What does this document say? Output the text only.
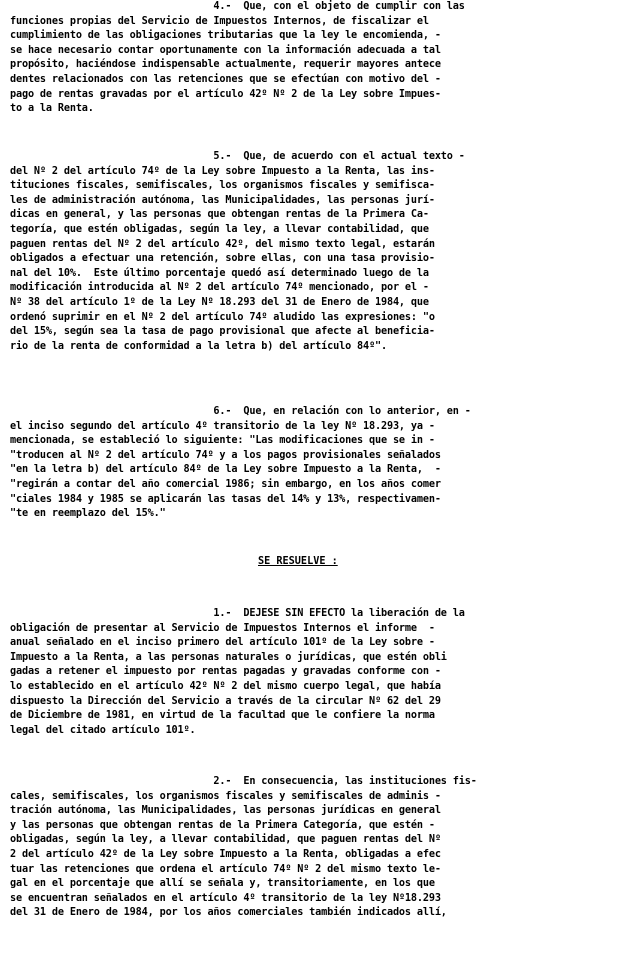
4.-  Que, con el objeto de cumplir con las
funciones propias del Servicio de Impuestos Internos, de fiscalizar el
cumplimiento de las obligaciones tributarias que la ley le encomienda, -
se hace necesario contar oportunamente con la información adecuada a tal
propósito, haciéndose indispensable actualmente, requerir mayores antece
dentes relacionados con las retenciones que se efectúan con motivo del -
pago de rentas gravadas por el artículo 42º Nº 2 de la Ley sobre Impues-
to a la Renta.
5.-  Que, de acuerdo con el actual texto -
del Nº 2 del artículo 74º de la Ley sobre Impuesto a la Renta, las ins-
tituciones fiscales, semifiscales, los organismos fiscales y semifisca-
les de administración autónoma, las Municipalidades, las personas jurí-
dicas en general, y las personas que obtengan rentas de la Primera Ca-
tegoría, que estén obligadas, según la ley, a llevar contabilidad, que
paguen rentas del Nº 2 del artículo 42º, del mismo texto legal, estarán
obligados a efectuar una retención, sobre ellas, con una tasa provisio-
nal del 10%.  Este último porcentaje quedó así determinado luego de la
modificación introducida al Nº 2 del artículo 74º mencionado, por el -
Nº 38 del artículo 1º de la Ley Nº 18.293 del 31 de Enero de 1984, que
ordenó suprimir en el Nº 2 del artículo 74º aludido las expresiones: "o
del 15%, según sea la tasa de pago provisional que afecte al beneficia-
rio de la renta de conformidad a la letra b) del artículo 84º".
6.-  Que, en relación con lo anterior, en -
el inciso segundo del artículo 4º transitorio de la ley Nº 18.293, ya -
mencionada, se estableció lo siguiente: "Las modificaciones que se in -
"troducen al Nº 2 del artículo 74º y a los pagos provisionales señalados
"en la letra b) del artículo 84º de la Ley sobre Impuesto a la Renta,  -
"regirán a contar del año comercial 1986; sin embargo, en los años comer
"ciales 1984 y 1985 se aplicarán las tasas del 14% y 13%, respectivamen-
"te en reemplazo del 15%."
SE RESUELVE :
1.-  DEJESE SIN EFECTO la liberación de la
obligación de presentar al Servicio de Impuestos Internos el informe  -
anual señalado en el inciso primero del artículo 101º de la Ley sobre -
Impuesto a la Renta, a las personas naturales o jurídicas, que estén obli
gadas a retener el impuesto por rentas pagadas y gravadas conforme con -
lo establecido en el artículo 42º Nº 2 del mismo cuerpo legal, que había
dispuesto la Dirección del Servicio a través de la circular Nº 62 del 29
de Diciembre de 1981, en virtud de la facultad que le confiere la norma
legal del citado artículo 101º.
2.-  En consecuencia, las instituciones fis-
cales, semifiscales, los organismos fiscales y semifiscales de adminis -
tración autónoma, las Municipalidades, las personas jurídicas en general
y las personas que obtengan rentas de la Primera Categoría, que estén -
obligadas, según la ley, a llevar contabilidad, que paguen rentas del Nº
2 del artículo 42º de la Ley sobre Impuesto a la Renta, obligadas a efec
tuar las retenciones que ordena el artículo 74º Nº 2 del mismo texto le-
gal en el porcentaje que allí se señala y, transitoriamente, en los que
se encuentran señalados en el artículo 4º transitorio de la ley Nº18.293
del 31 de Enero de 1984, por los años comerciales también indicados allí,
